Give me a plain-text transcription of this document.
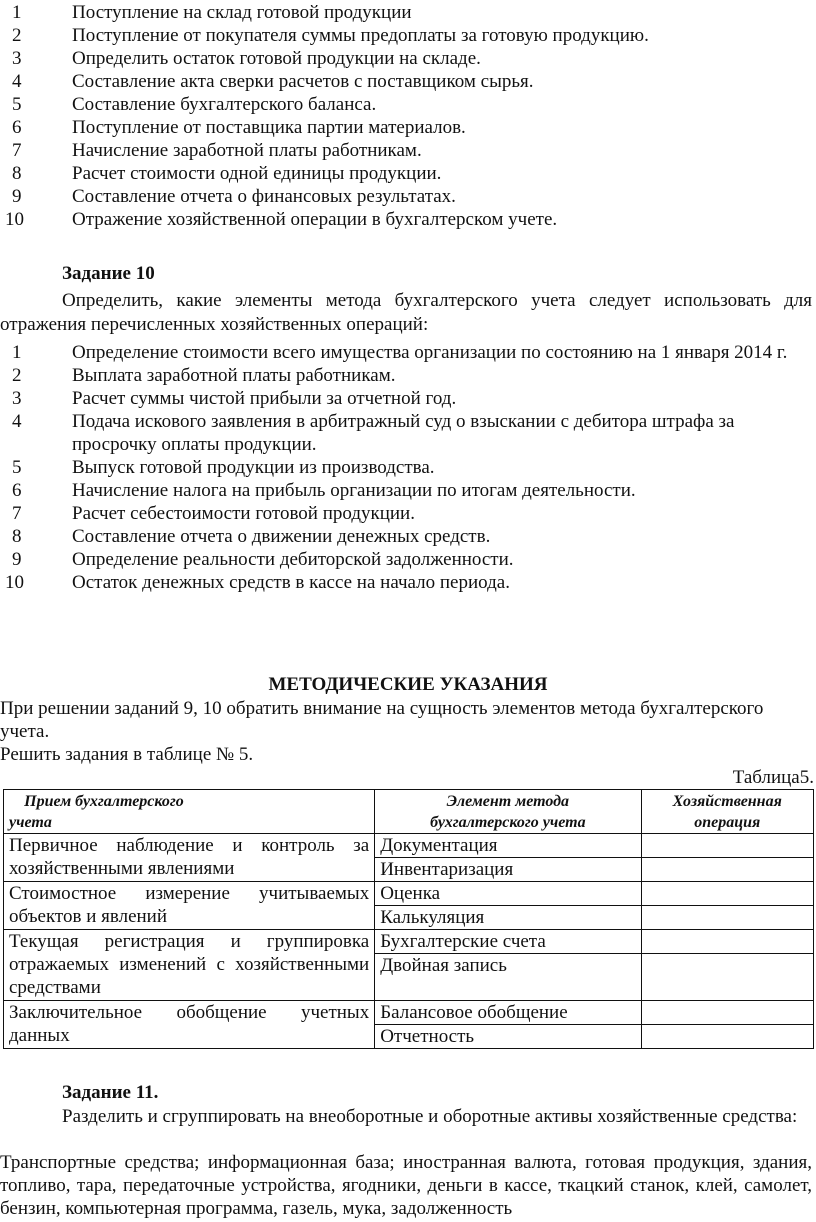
1	Поступление на склад готовой продукции
2	Поступление от покупателя суммы предоплаты за готовую продукцию.
3	Определить остаток готовой продукции на складе.
4	Составление акта сверки расчетов с поставщиком сырья.
5	Составление бухгалтерского баланса.
6	Поступление от поставщика партии материалов.
7	Начисление заработной платы работникам.
8	Расчет стоимости одной единицы продукции.
9	Составление отчета о финансовых результатах.
10	Отражение хозяйственной операции в бухгалтерском учете.
Задание 10
Определить, какие элементы метода бухгалтерского учета следует использовать для отражения перечисленных хозяйственных операций:
1	Определение стоимости всего имущества организации по состоянию на 1 января 2014 г.
2	Выплата заработной платы работникам.
3	Расчет суммы чистой прибыли за отчетной год.
4	Подача искового заявления в арбитражный суд о взыскании с дебитора штрафа за просрочку оплаты продукции.
5	Выпуск готовой продукции из производства.
6	Начисление налога на прибыль организации по итогам деятельности.
7	Расчет себестоимости готовой продукции.
8	Составление отчета о движении денежных средств.
9	Определение реальности дебиторской задолженности.
10	Остаток денежных средств в кассе на начало периода.
МЕТОДИЧЕСКИЕ УКАЗАНИЯ
При решении заданий 9, 10 обратить внимание на сущность элементов метода бухгалтерского учета.
Решить задания в таблице № 5.
Таблица5.
Прием бухгалтерского учета	Элемент метода бухгалтерского учета	Хозяйственная операция
Первичное наблюдение и контроль за хозяйственными явлениями	Документация	
	Инвентаризация	
Стоимостное измерение учитываемых объектов и явлений	Оценка	
	Калькуляция	
Текущая регистрация и группировка отражаемых изменений с хозяйственными средствами	Бухгалтерские счета	
	Двойная запись	
Заключительное обобщение учетных данных	Балансовое обобщение	
	Отчетность	
Задание 11.
Разделить и сгруппировать на внеоборотные и оборотные активы хозяйственные средства:
Транспортные средства; информационная база; иностранная валюта, готовая продукция, здания, топливо, тара, передаточные устройства, ягодники, деньги в кассе, ткацкий станок, клей, самолет, бензин, компьютерная программа, газель, мука, задолженность
